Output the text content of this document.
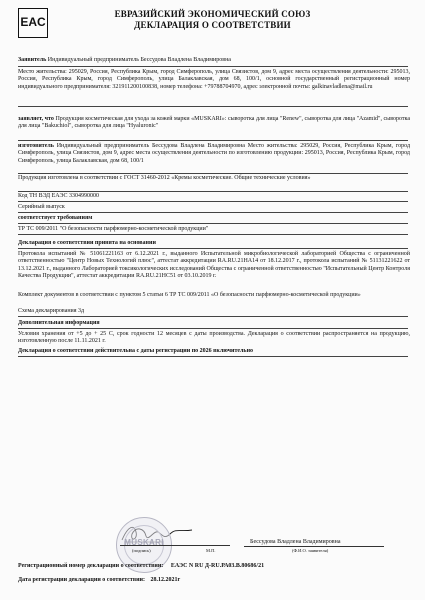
EAC
ЕВРАЗИЙСКИЙ ЭКОНОМИЧЕСКИЙ СОЮЗ
ДЕКЛАРАЦИЯ О СООТВЕТСТВИИ
Заявитель Индивидуальный предприниматель Бессудова Владлена Владимировна
Место жительства: 295029, Россия, Республика Крым, город Симферополь, улица Связистов, дом 9, адрес места осуществления деятельности: 295013, Россия, Республика Крым, город Симферополь, улица Балаклавская, дом 68, 100/1, основной государственный регистрационный номер индивидуального предпринимателя: 321911200100838, номер телефона: +79788704970, адрес электронной почты: galkinavladlena@mail.ru
заявляет, что Продукция косметическая для ухода за кожей марки «MUSKARI»: сыворотка для лица "Renew", сыворотка для лица "Azamid", сыворотка для лица "Bakuchiol", сыворотка для лица "Hyaluronic"
изготовитель Индивидуальный предприниматель Бессудова Владлена Владимировна Место жительства: 295029, Россия, Республика Крым, город Симферополь, улица Связистов, дом 9, адрес места осуществления деятельности по изготовлению продукции: 295013, Россия, Республика Крым, город Симферополь, улица Балаклавская, дом 68, 100/1
Продукция изготовлена в соответствии с ГОСТ 31460-2012 «Кремы косметические. Общие технические условия»
Код ТН ВЭД ЕАЭС 3304990000
Серийный выпуск
соответствует требованиям
ТР ТС 009/2011 "О безопасности парфюмерно-косметической продукции"
Декларация о соответствии принята на основании
Протокола испытаний № 51061221163 от 6.12.2021 г., выданного Испытательной микробиологической лабораторией Общества с ограниченной ответственностью "Центр Новых Технологий плюс", аттестат аккредитации RA.RU.21НА14 от 18.12.2017 г., протокола испытаний № 51131221622 от 13.12.2021 г., выданного Лабораторией токсикологических исследований Общества с ограниченной ответственностью "Испытательный Центр Контроля Качества Продукции", аттестат аккредитации RA.RU.21НС51 от 03.10.2019 г.
Комплект документов в соответствии с пунктом 5 статьи 6 ТР ТС 009/2011 «О безопасности парфюмерно-косметической продукции»
Схема декларирования 3д
Дополнительная информация
Условия хранения от +5 до + 25 С, срок годности 12 месяцев с даты производства. Декларация о соответствии распространяется на продукцию, изготовленную после 11.11.2021 г.
Декларация о соответствии действительна с даты регистрации по 2026 включительно
MUSKARI
(подпись)	М.П.
Бессудова Владлена Владимировна
(Ф.И.О. заявителя)
Регистрационный номер декларации о соответствии: ЕАЭС N RU Д-RU.РА03.В.80686/21
Дата регистрации декларации о соответствии: 28.12.2021г
